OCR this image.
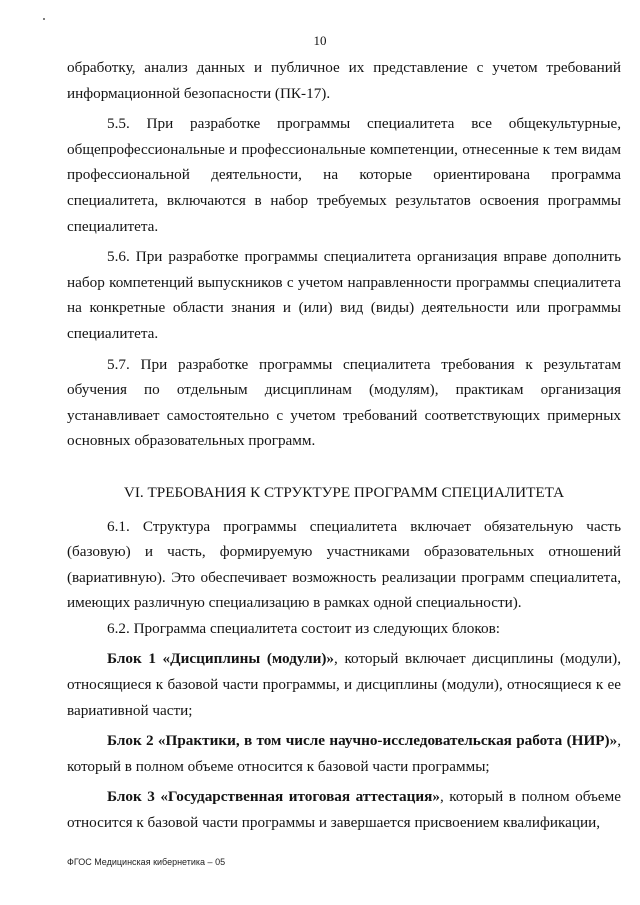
10

обработку, анализ данных и публичное их представление с учетом требований информационной безопасности (ПК-17).

5.5. При разработке программы специалитета все общекультурные, общепрофессиональные и профессиональные компетенции, отнесенные к тем видам профессиональной деятельности, на которые ориентирована программа специалитета, включаются в набор требуемых результатов освоения программы специалитета.

5.6. При разработке программы специалитета организация вправе дополнить набор компетенций выпускников с учетом направленности программы специалитета на конкретные области знания и (или) вид (виды) деятельности или программы специалитета.

5.7. При разработке программы специалитета требования к результатам обучения по отдельным дисциплинам (модулям), практикам организация устанавливает самостоятельно с учетом требований соответствующих примерных основных образовательных программ.

VI. ТРЕБОВАНИЯ К СТРУКТУРЕ ПРОГРАММ СПЕЦИАЛИТЕТА

6.1. Структура программы специалитета включает обязательную часть (базовую) и часть, формируемую участниками образовательных отношений (вариативную). Это обеспечивает возможность реализации программ специалитета, имеющих различную специализацию в рамках одной специальности).

6.2. Программа специалитета состоит из следующих блоков:

Блок 1 «Дисциплины (модули)», который включает дисциплины (модули), относящиеся к базовой части программы, и дисциплины (модули), относящиеся к ее вариативной части;

Блок 2 «Практики, в том числе научно-исследовательская работа (НИР)», который в полном объеме относится к базовой части программы;

Блок 3 «Государственная итоговая аттестация», который в полном объеме относится к базовой части программы и завершается присвоением квалификации,

ФГОС Медицинская кибернетика – 05
